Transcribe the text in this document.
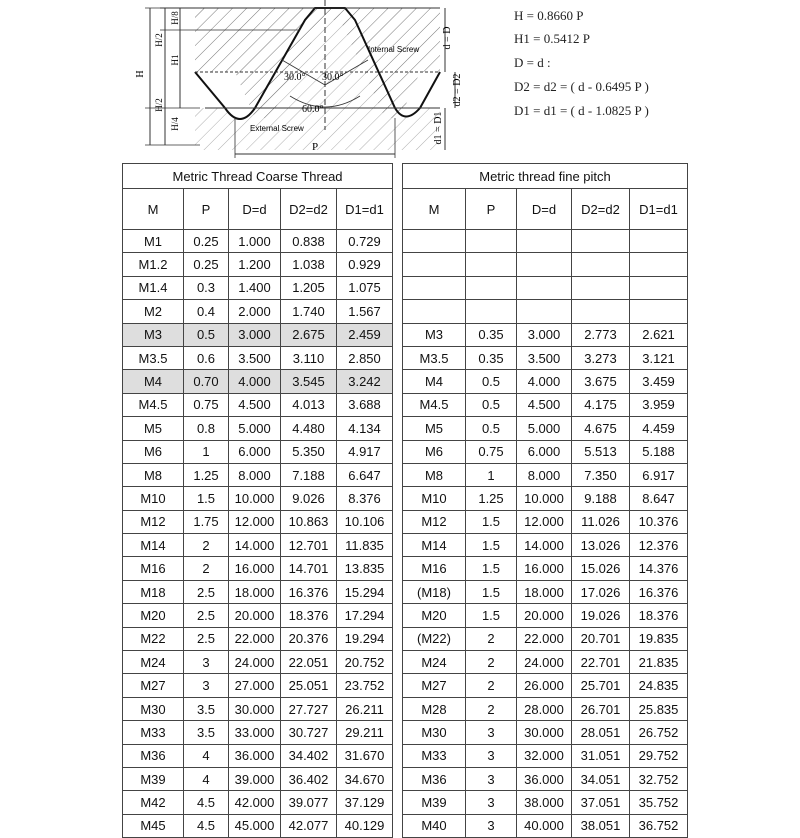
H
H/8
H/2
H1
H/2
H/4
P
30.0° 30.0°
60.0°
Internal Screw
External Screw
d = D
d2 = D2
d1 = D1
H = 0.8660 P
H1 = 0.5412 P
D = d :
D2 = d2 = ( d - 0.6495 P )
D1 = d1 = ( d - 1.0825 P )
Metric Thread Coarse Thread				
M	P	D=d	D2=d2	D1=d1
M1	0.25	1.000	0.838	0.729
M1.2	0.25	1.200	1.038	0.929
M1.4	0.3	1.400	1.205	1.075
M2	0.4	2.000	1.740	1.567
M3	0.5	3.000	2.675	2.459
M3.5	0.6	3.500	3.110	2.850
M4	0.70	4.000	3.545	3.242
M4.5	0.75	4.500	4.013	3.688
M5	0.8	5.000	4.480	4.134
M6	1	6.000	5.350	4.917
M8	1.25	8.000	7.188	6.647
M10	1.5	10.000	9.026	8.376
M12	1.75	12.000	10.863	10.106
M14	2	14.000	12.701	11.835
M16	2	16.000	14.701	13.835
M18	2.5	18.000	16.376	15.294
M20	2.5	20.000	18.376	17.294
M22	2.5	22.000	20.376	19.294
M24	3	24.000	22.051	20.752
M27	3	27.000	25.051	23.752
M30	3.5	30.000	27.727	26.211
M33	3.5	33.000	30.727	29.211
M36	4	36.000	34.402	31.670
M39	4	39.000	36.402	34.670
M42	4.5	42.000	39.077	37.129
M45	4.5	45.000	42.077	40.129
Metric thread fine pitch				
M	P	D=d	D2=d2	D1=d1

M3	0.35	3.000	2.773	2.621
M3.5	0.35	3.500	3.273	3.121
M4	0.5	4.000	3.675	3.459
M4.5	0.5	4.500	4.175	3.959
M5	0.5	5.000	4.675	4.459
M6	0.75	6.000	5.513	5.188
M8	1	8.000	7.350	6.917
M10	1.25	10.000	9.188	8.647
M12	1.5	12.000	11.026	10.376
M14	1.5	14.000	13.026	12.376
M16	1.5	16.000	15.026	14.376
(M18)	1.5	18.000	17.026	16.376
M20	1.5	20.000	19.026	18.376
(M22)	2	22.000	20.701	19.835
M24	2	24.000	22.701	21.835
M27	2	26.000	25.701	24.835
M28	2	28.000	26.701	25.835
M30	3	30.000	28.051	26.752
M33	3	32.000	31.051	29.752
M36	3	36.000	34.051	32.752
M39	3	38.000	37.051	35.752
M40	3	40.000	38.051	36.752
